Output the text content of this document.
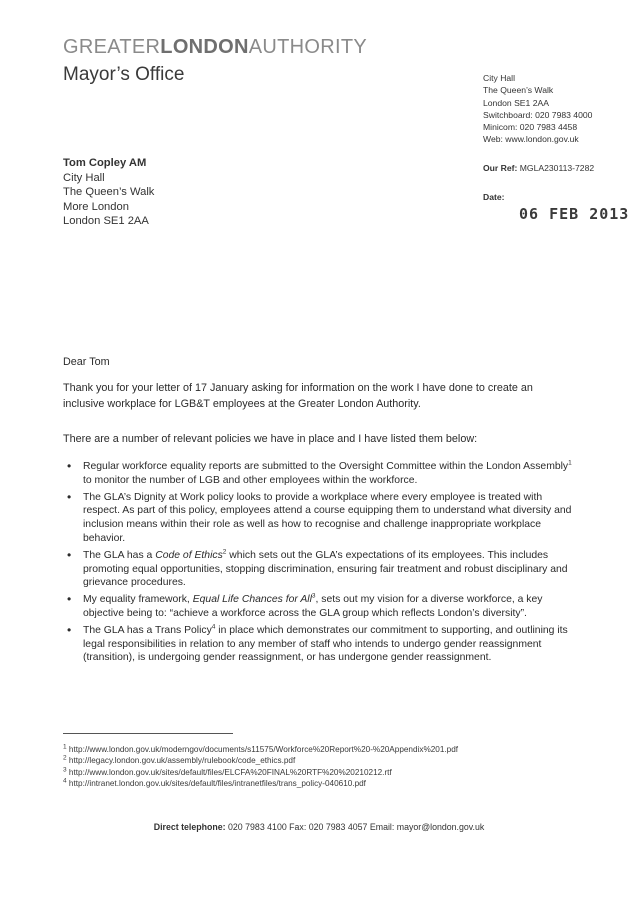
GREATERLONDONAUTHORITY
Mayor’s Office	City Hall
The Queen’s Walk
London SE1 2AA
Switchboard: 020 7983 4000
Minicom: 020 7983 4458
Web: www.london.gov.uk
Our Ref: MGLA230113-7282
Date:
06 FEB 2013
Tom Copley AM
City Hall
The Queen’s Walk
More London
London SE1 2AA
Dear Tom
Thank you for your letter of 17 January asking for information on the work I have done to create an inclusive workplace for LGB&T employees at the Greater London Authority.
There are a number of relevant policies we have in place and I have listed them below:
• Regular workforce equality reports are submitted to the Oversight Committee within the London Assembly$^1$ to monitor the number of LGB and other employees within the workforce.
• The GLA’s Dignity at Work policy looks to provide a workplace where every employee is treated with respect. As part of this policy, employees attend a course equipping them to understand what diversity and inclusion means within their role as well as how to recognise and challenge inappropriate workplace behavior.
• The GLA has a Code of Ethics$^2$ which sets out the GLA’s expectations of its employees. This includes promoting equal opportunities, stopping discrimination, ensuring fair treatment and robust disciplinary and grievance procedures.
• My equality framework, Equal Life Chances for All$^3$, sets out my vision for a diverse workforce, a key objective being to: “achieve a workforce across the GLA group which reflects London’s diversity”.
• The GLA has a Trans Policy$^4$ in place which demonstrates our commitment to supporting, and outlining its legal responsibilities in relation to any member of staff who intends to undergo gender reassignment (transition), is undergoing gender reassignment, or has undergone gender reassignment.
$^1$ http://www.london.gov.uk/moderngov/documents/s11575/Workforce%20Report%20-%20Appendix%201.pdf
$^2$ http://legacy.london.gov.uk/assembly/rulebook/code_ethics.pdf
$^3$ http://www.london.gov.uk/sites/default/files/ELCFA%20FINAL%20RTF%20%20210212.rtf
$^4$ http://intranet.london.gov.uk/sites/default/files/intranetfiles/trans_policy-040610.pdf
Direct telephone: 020 7983 4100 Fax: 020 7983 4057 Email: mayor@london.gov.uk
